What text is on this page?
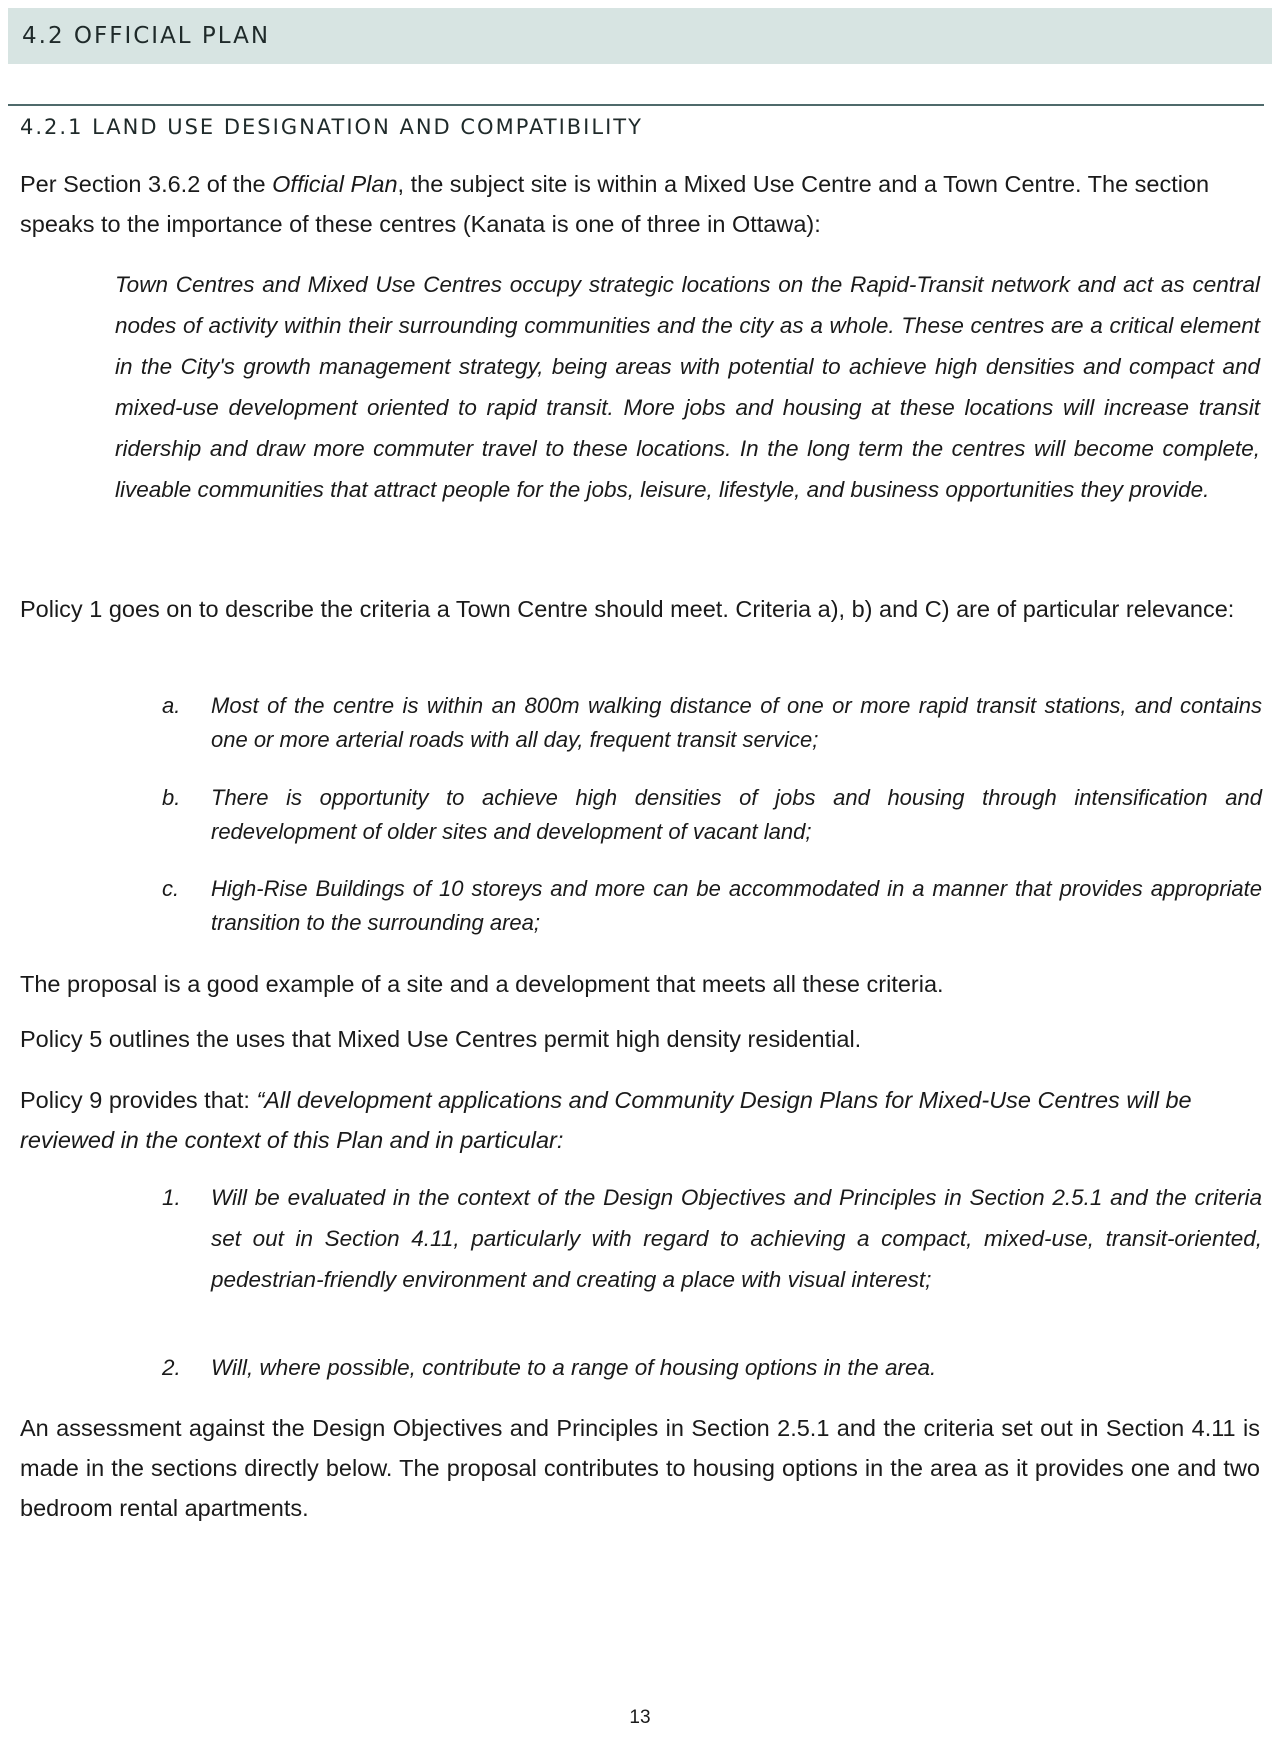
4.2 OFFICIAL PLAN
4.2.1 LAND USE DESIGNATION AND COMPATIBILITY

Per Section 3.6.2 of the Official Plan, the subject site is within a Mixed Use Centre and a Town Centre. The section speaks to the importance of these centres (Kanata is one of three in Ottawa):

Town Centres and Mixed Use Centres occupy strategic locations on the Rapid-Transit network and act as central nodes of activity within their surrounding communities and the city as a whole. These centres are a critical element in the City's growth management strategy, being areas with potential to achieve high densities and compact and mixed-use development oriented to rapid transit. More jobs and housing at these locations will increase transit ridership and draw more commuter travel to these locations. In the long term the centres will become complete, liveable communities that attract people for the jobs, leisure, lifestyle, and business opportunities they provide.

Policy 1 goes on to describe the criteria a Town Centre should meet. Criteria a), b) and C) are of particular relevance:

a. Most of the centre is within an 800m walking distance of one or more rapid transit stations, and contains one or more arterial roads with all day, frequent transit service;
b. There is opportunity to achieve high densities of jobs and housing through intensification and redevelopment of older sites and development of vacant land;
c. High-Rise Buildings of 10 storeys and more can be accommodated in a manner that provides appropriate transition to the surrounding area;

The proposal is a good example of a site and a development that meets all these criteria.

Policy 5 outlines the uses that Mixed Use Centres permit high density residential.

Policy 9 provides that: “All development applications and Community Design Plans for Mixed-Use Centres will be reviewed in the context of this Plan and in particular:

1. Will be evaluated in the context of the Design Objectives and Principles in Section 2.5.1 and the criteria set out in Section 4.11, particularly with regard to achieving a compact, mixed-use, transit-oriented, pedestrian-friendly environment and creating a place with visual interest;
2. Will, where possible, contribute to a range of housing options in the area.

An assessment against the Design Objectives and Principles in Section 2.5.1 and the criteria set out in Section 4.11 is made in the sections directly below. The proposal contributes to housing options in the area as it provides one and two bedroom rental apartments.

13
